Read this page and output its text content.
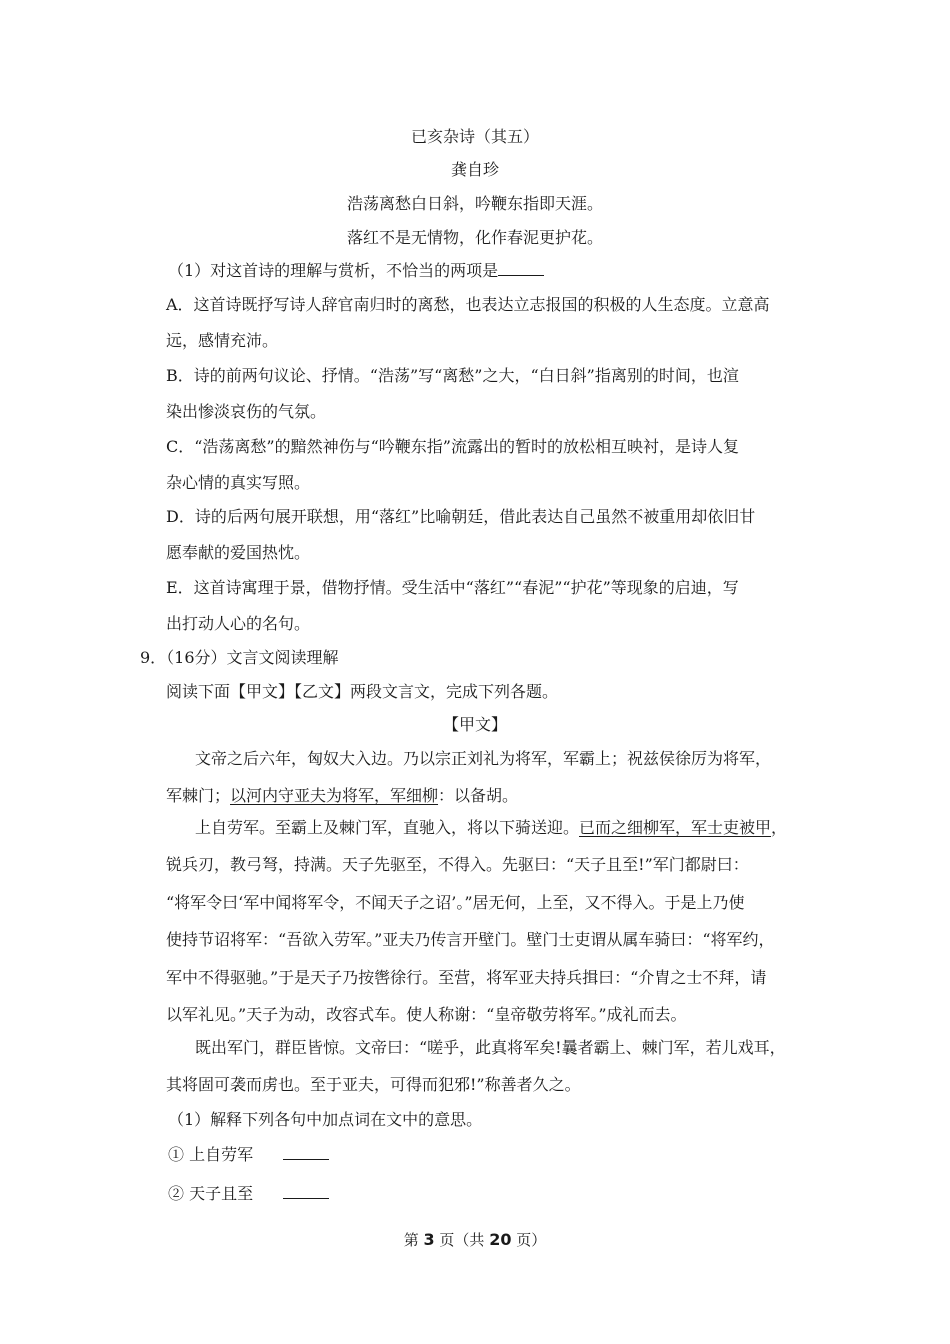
已亥杂诗（其五）
龚自珍
浩荡离愁白日斜，吟鞭东指即天涯。
落红不是无情物，化作春泥更护花。
（1）对这首诗的理解与赏析，不恰当的两项是
A．这首诗既抒写诗人辞官南归时的离愁，也表达立志报国的积极的人生态度。立意高
远，感情充沛。
B．诗的前两句议论、抒情。“浩荡”写“离愁”之大，“白日斜”指离别的时间，也渲
染出惨淡哀伤的气氛。
C．“浩荡离愁”的黯然神伤与“吟鞭东指”流露出的暂时的放松相互映衬，是诗人复
杂心情的真实写照。
D．诗的后两句展开联想，用“落红”比喻朝廷，借此表达自己虽然不被重用却依旧甘
愿奉献的爱国热忱。
E．这首诗寓理于景，借物抒情。受生活中“落红”“春泥”“护花”等现象的启迪，写
出打动人心的名句。
9．（16分）文言文阅读理解
阅读下面【甲文】【乙文】两段文言文，完成下列各题。
【甲文】
文帝之后六年，匈奴大入边。乃以宗正刘礼为将军，军霸上；祝兹侯徐厉为将军，
军棘门；以河内守亚夫为将军，军细柳：以备胡。
上自劳军。至霸上及棘门军，直驰入，将以下骑送迎。已而之细柳军，军士吏被甲，
锐兵刃，教弓弩，持满。天子先驱至，不得入。先驱曰：“天子且至!”军门都尉曰：
“将军令曰‘军中闻将军令，不闻天子之诏’。”居无何，上至，又不得入。于是上乃使
使持节诏将军：“吾欲入劳军。”亚夫乃传言开壁门。壁门士吏谓从属车骑曰：“将军约，
军中不得驱驰。”于是天子乃按辔徐行。至营，将军亚夫持兵揖曰：“介胄之士不拜，请
以军礼见。”天子为动，改容式车。使人称谢：“皇帝敬劳将军。”成礼而去。
既出军门，群臣皆惊。文帝曰：“嗟乎，此真将军矣!曩者霸上、棘门军，若儿戏耳，
其将固可袭而虏也。至于亚夫，可得而犯邪!”称善者久之。
（1）解释下列各句中加点词在文中的意思。
① 上自劳军
② 天子且至
第 3 页（共 20 页）
